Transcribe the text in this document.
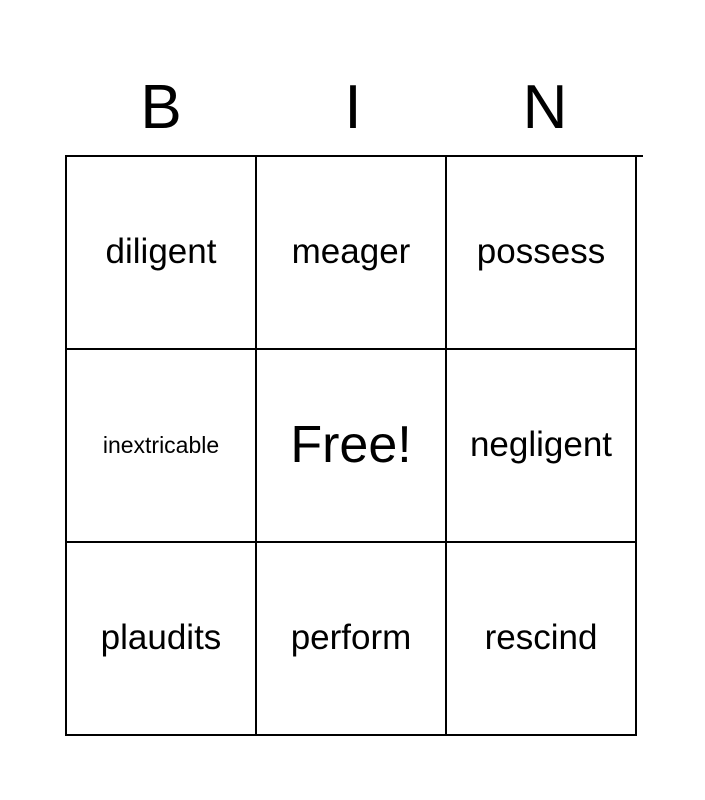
B	I	N
diligent meager possess
inextricable Free! negligent
plaudits perform rescind
